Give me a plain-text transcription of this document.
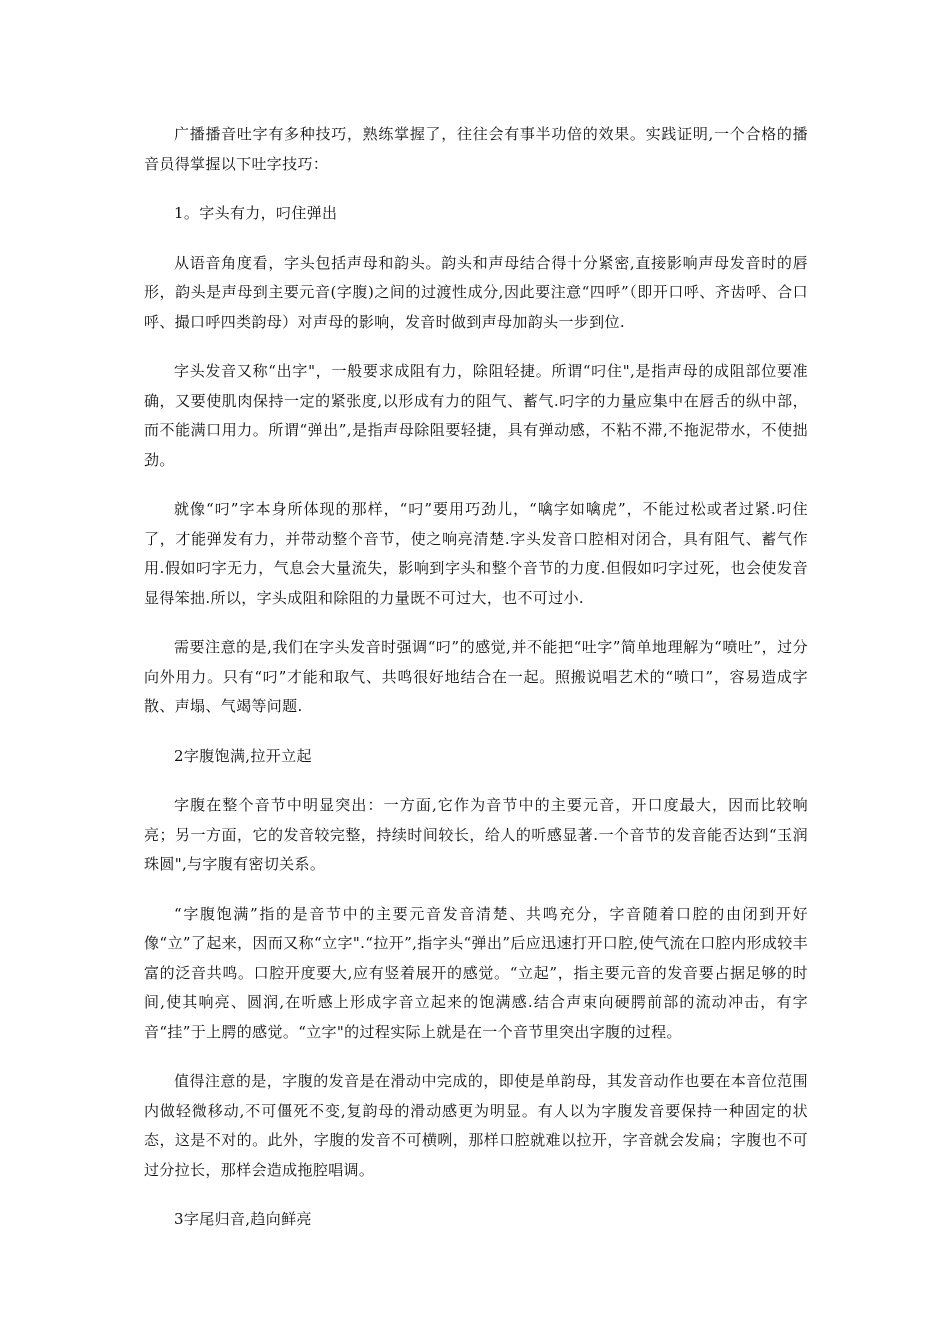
广播播音吐字有多种技巧，熟练掌握了，往往会有事半功倍的效果。实践证明,一个合格的播音员得掌握以下吐字技巧：

1。字头有力，叼住弹出

从语音角度看，字头包括声母和韵头。韵头和声母结合得十分紧密,直接影响声母发音时的唇形，韵头是声母到主要元音(字腹)之间的过渡性成分,因此要注意“四呼”（即开口呼、齐齿呼、合口呼、撮口呼四类韵母）对声母的影响，发音时做到声母加韵头一步到位.

字头发音又称“出字"，一般要求成阻有力，除阻轻捷。所谓“叼住",是指声母的成阻部位要准确，又要使肌肉保持一定的紧张度,以形成有力的阻气、蓄气.叼字的力量应集中在唇舌的纵中部，而不能满口用力。所谓“弹出”,是指声母除阻要轻捷，具有弹动感，不粘不滞,不拖泥带水，不使拙劲。

就像“叼”字本身所体现的那样，“叼”要用巧劲儿，“噙字如噙虎”，不能过松或者过紧.叼住了，才能弹发有力，并带动整个音节，使之响亮清楚.字头发音口腔相对闭合，具有阻气、蓄气作用.假如叼字无力，气息会大量流失，影响到字头和整个音节的力度.但假如叼字过死，也会使发音显得笨拙.所以，字头成阻和除阻的力量既不可过大，也不可过小.

需要注意的是,我们在字头发音时强调“叼”的感觉,并不能把“吐字”简单地理解为“喷吐”，过分向外用力。只有“叼”才能和取气、共鸣很好地结合在一起。照搬说唱艺术的“喷口”，容易造成字散、声塌、气竭等问题.

2字腹饱满,拉开立起

字腹在整个音节中明显突出：一方面,它作为音节中的主要元音，开口度最大，因而比较响亮；另一方面，它的发音较完整，持续时间较长，给人的听感显著.一个音节的发音能否达到“玉润珠圆",与字腹有密切关系。

“字腹饱满”指的是音节中的主要元音发音清楚、共鸣充分，字音随着口腔的由闭到开好像“立”了起来，因而又称“立字".“拉开”,指字头“弹出”后应迅速打开口腔,使气流在口腔内形成较丰富的泛音共鸣。口腔开度要大,应有竖着展开的感觉。“立起”，指主要元音的发音要占据足够的时间,使其响亮、圆润,在听感上形成字音立起来的饱满感.结合声束向硬腭前部的流动冲击，有字音“挂”于上腭的感觉。“立字"的过程实际上就是在一个音节里突出字腹的过程。

值得注意的是，字腹的发音是在滑动中完成的，即使是单韵母，其发音动作也要在本音位范围内做轻微移动,不可僵死不变,复韵母的滑动感更为明显。有人以为字腹发音要保持一种固定的状态，这是不对的。此外，字腹的发音不可横咧，那样口腔就难以拉开，字音就会发扁；字腹也不可过分拉长，那样会造成拖腔唱调。

3字尾归音,趋向鲜亮
